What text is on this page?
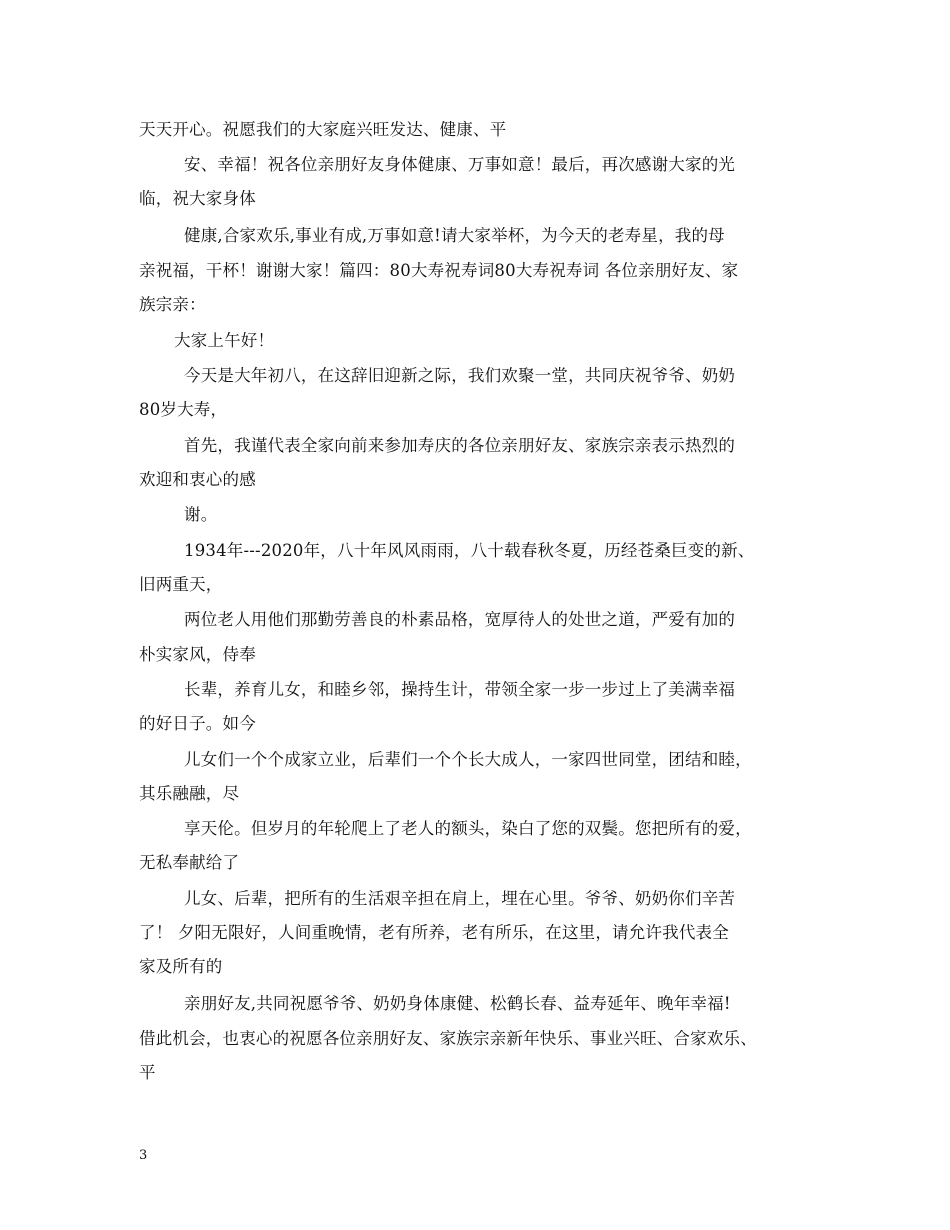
天天开心。祝愿我们的大家庭兴旺发达、健康、平
安、幸福！祝各位亲朋好友身体健康、万事如意！最后，再次感谢大家的光
临，祝大家身体
健康,合家欢乐,事业有成,万事如意!请大家举杯，为今天的老寿星，我的母
亲祝福，干杯！谢谢大家！篇四：80大寿祝寿词80大寿祝寿词 各位亲朋好友、家
族宗亲：
大家上午好！
今天是大年初八，在这辞旧迎新之际，我们欢聚一堂，共同庆祝爷爷、奶奶
80岁大寿，
首先，我谨代表全家向前来参加寿庆的各位亲朋好友、家族宗亲表示热烈的
欢迎和衷心的感
谢。
1934年---2020年，八十年风风雨雨，八十载春秋冬夏，历经苍桑巨变的新、
旧两重天，
两位老人用他们那勤劳善良的朴素品格，宽厚待人的处世之道，严爱有加的
朴实家风，侍奉
长辈，养育儿女，和睦乡邻，操持生计，带领全家一步一步过上了美满幸福
的好日子。如今
儿女们一个个成家立业，后辈们一个个长大成人，一家四世同堂，团结和睦，
其乐融融，尽
享天伦。但岁月的年轮爬上了老人的额头，染白了您的双鬓。您把所有的爱，
无私奉献给了
儿女、后辈，把所有的生活艰辛担在肩上，埋在心里。爷爷、奶奶你们辛苦
了！ 夕阳无限好，人间重晚情，老有所养，老有所乐，在这里，请允许我代表全
家及所有的
亲朋好友,共同祝愿爷爷、奶奶身体康健、松鹤长春、益寿延年、晚年幸福!
借此机会，也衷心的祝愿各位亲朋好友、家族宗亲新年快乐、事业兴旺、合家欢乐、
平
3
